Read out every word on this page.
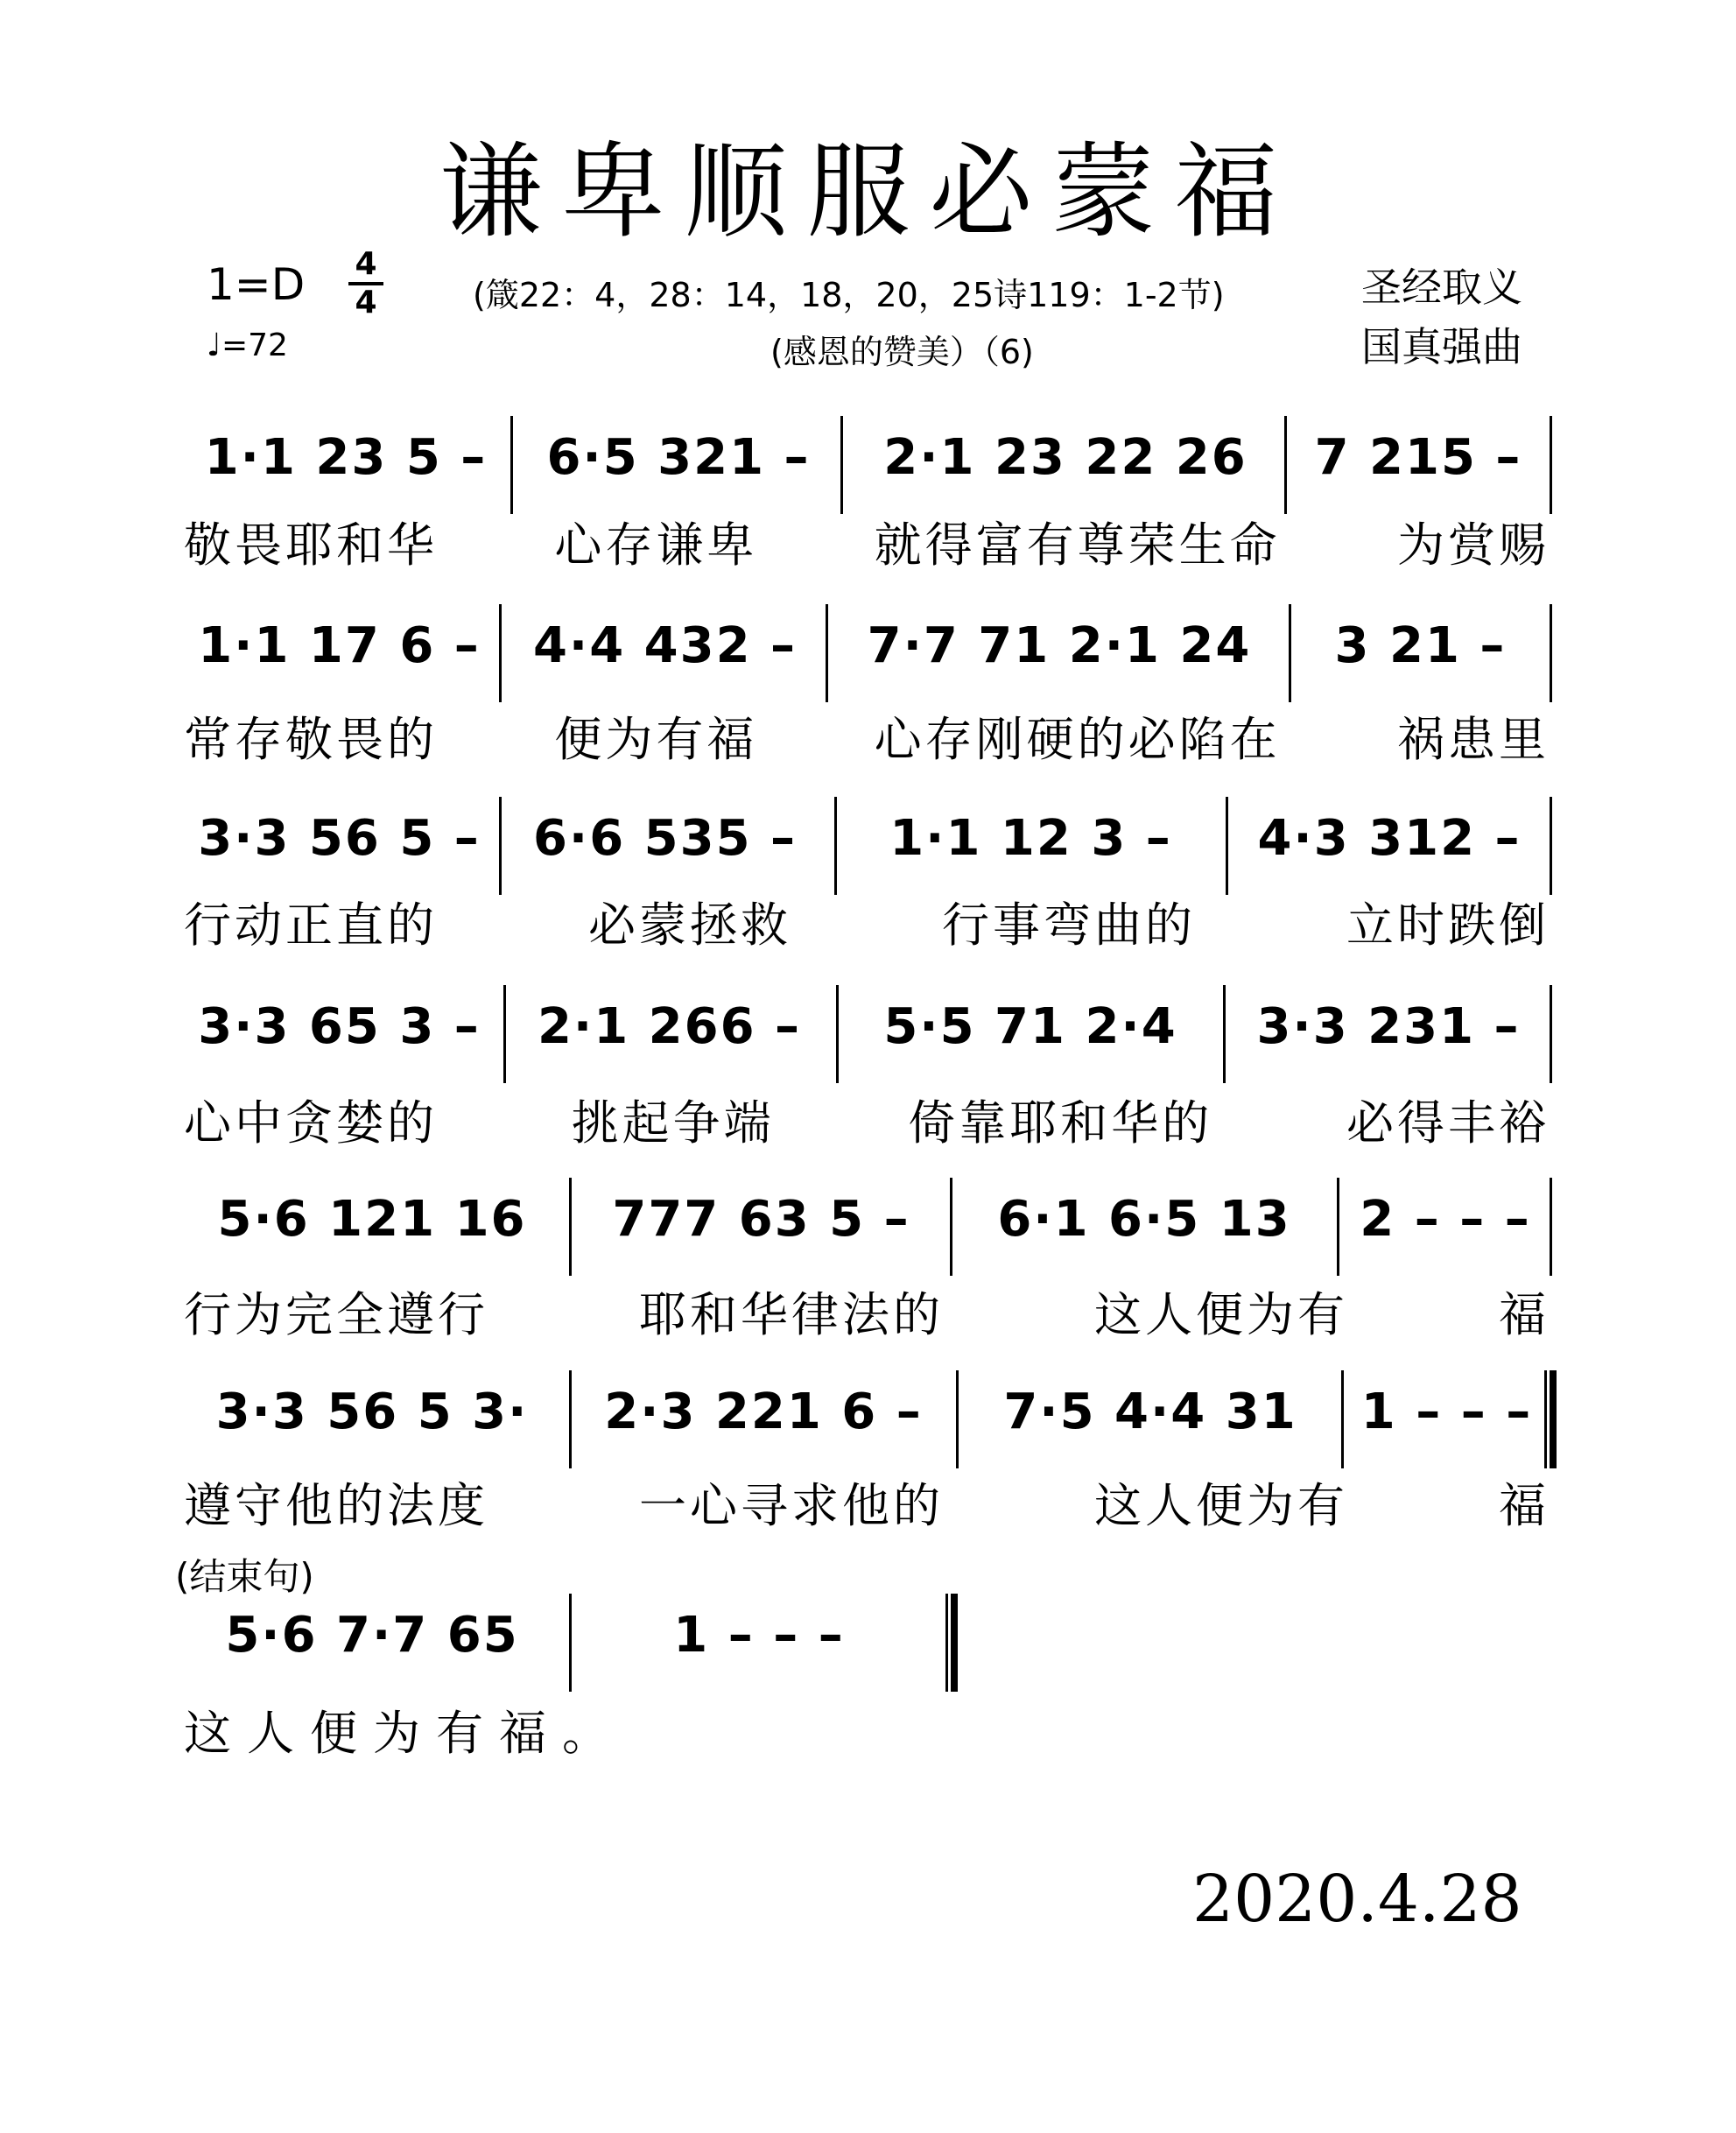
谦卑顺服必蒙福
1=D 4
4
♩=72
(箴22：4，28：14，18，20，25诗119：1-2节)
(感恩的赞美）（6)
圣经取义
国真强曲
1·1 23 5 –	6·5 321 –	2·1 23 22 26	7 215 –
敬畏耶和华 心存谦卑 就得富有尊荣生命 为赏赐
1·1 17 6 –	4·4 432 –	7·7 71 2·1 24	3 21 –
常存敬畏的 便为有福 心存刚硬的必陷在 祸患里
3·3 56 5 –	6·6 535 –	1·1 12 3 –	4·3 312 –
行动正直的	必蒙拯救	行事弯曲的	立时跌倒
3·3 65 3 –	2·1 266 –	5·5 71 2·4	3·3 231 –
心中贪婪的	挑起争端	倚靠耶和华的	必得丰裕
5·6 121 16	777 63 5 –	6·1 6·5 13	2 – – –
行为完全遵行	耶和华律法的	这人便为有	福
3·3 56 5 3·	2·3 221 6 –	7·5 4·4 31	1 – – –
遵守他的法度	一心寻求他的	这人便为有	福
(结束句)
5·6 7·7 65	1 – – –
这人便为有福。
2020.4.28
